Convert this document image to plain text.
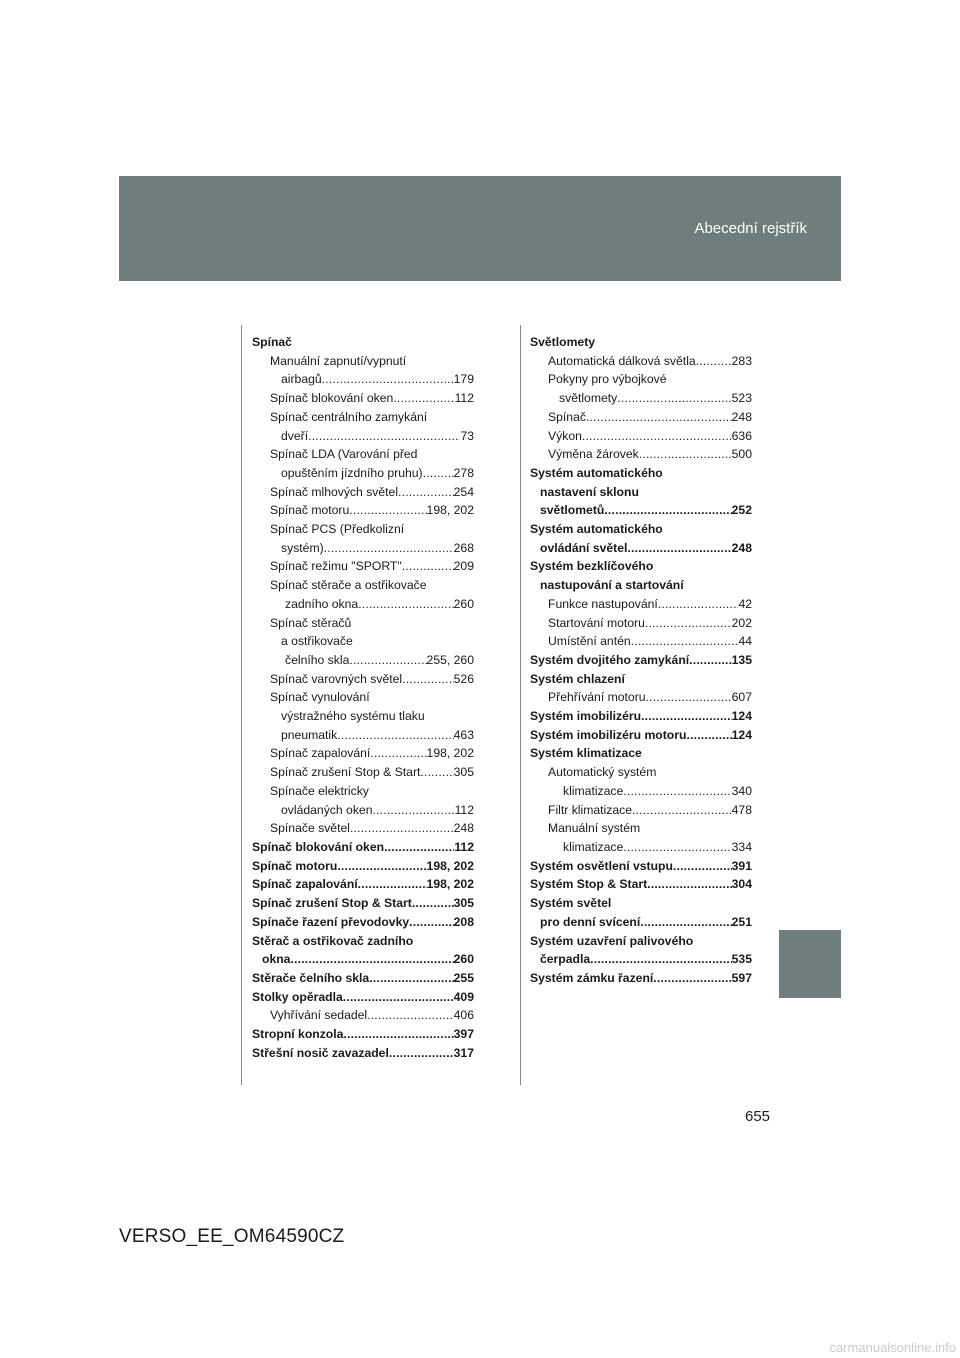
Abecední rejstřík
Spínač
Manuální zapnutí/vypnutí
airbagů .....	179
Spínač blokování oken .....	112
Spínač centrálního zamykání
dveří .....	73
Spínač LDA (Varování před
opuštěním jízdního pruhu) .....	278
Spínač mlhových světel .....	254
Spínač motoru .....	198, 202
Spínač PCS (Předkolizní
systém) .....	268
Spínač režimu "SPORT" .....	209
Spínač stěrače a ostřikovače
zadního okna .....	260
Spínač stěračů
a ostřikovače
čelního skla .....	255, 260
Spínač varovných světel .....	526
Spínač vynulování
výstražného systému tlaku
pneumatik .....	463
Spínač zapalování .....	198, 202
Spínač zrušení Stop & Start .....	305
Spínače elektricky
ovládaných oken .....	112
Spínače světel .....	248
Spínač blokování oken .....	112
Spínač motoru .....	198, 202
Spínač zapalování .....	198, 202
Spínač zrušení Stop & Start .....	305
Spínače řazení převodovky .....	208
Stěrač a ostřikovač zadního
okna .....	260
Stěrače čelního skla .....	255
Stolky opěradla .....	409
Vyhřívání sedadel .....	406
Stropní konzola .....	397
Střešní nosič zavazadel .....	317
Světlomety
Automatická dálková světla .....	283
Pokyny pro výbojkové
světlomety .....	523
Spínač .....	248
Výkon .....	636
Výměna žárovek .....	500
Systém automatického
nastavení sklonu
světlometů .....	252
Systém automatického
ovládání světel .....	248
Systém bezklíčového
nastupování a startování
Funkce nastupování .....	42
Startování motoru .....	202
Umístění antén .....	44
Systém dvojitého zamykání .....	135
Systém chlazení
Přehřívání motoru .....	607
Systém imobilizéru .....	124
Systém imobilizéru motoru .....	124
Systém klimatizace
Automatický systém
klimatizace .....	340
Filtr klimatizace .....	478
Manuální systém
klimatizace .....	334
Systém osvětlení vstupu .....	391
Systém Stop & Start .....	304
Systém světel
pro denní svícení .....	251
Systém uzavření palivového
čerpadla .....	535
Systém zámku řazení .....	597
655
VERSO_EE_OM64590CZ
carmanualsonline.info
